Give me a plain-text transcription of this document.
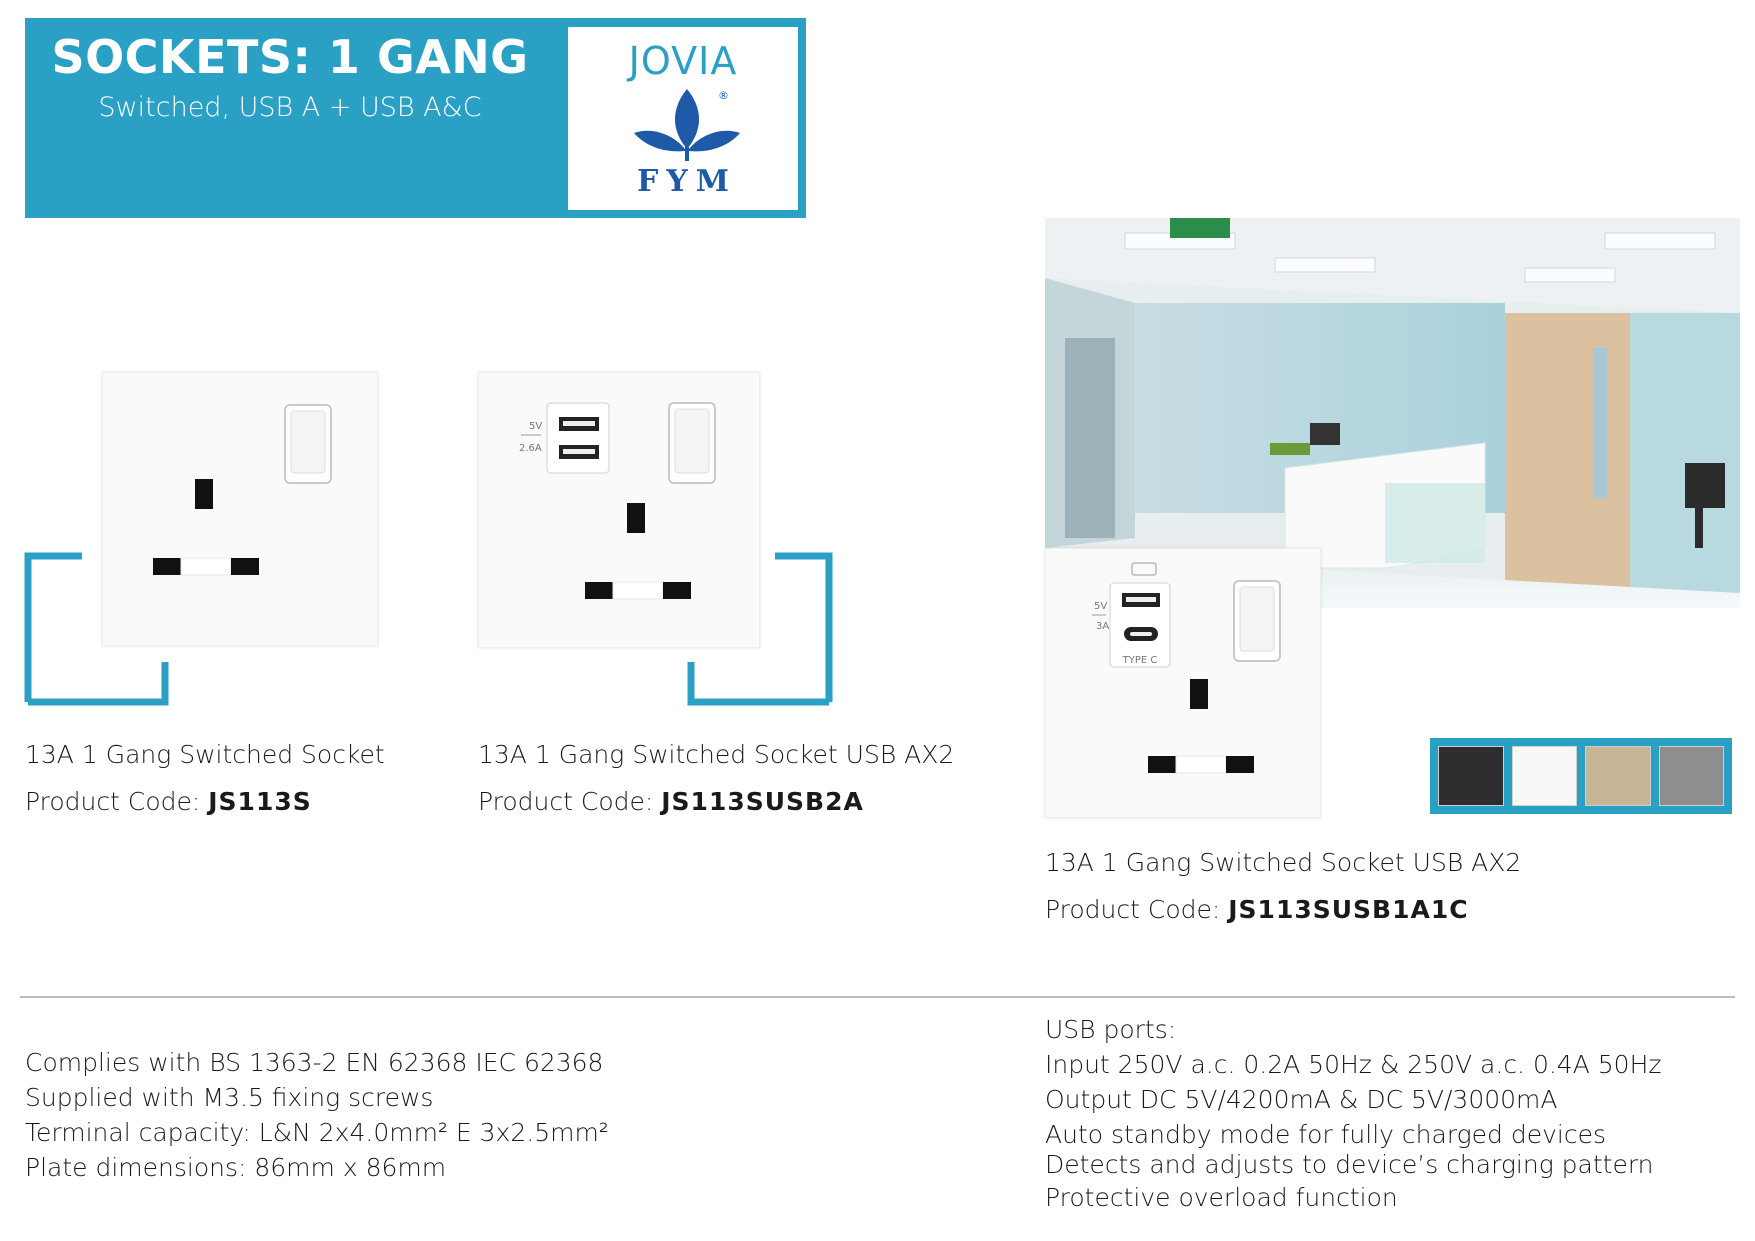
SOCKETS: 1 GANG
Switched, USB A + USB A&C
JOVIA
®
FYM
5V
2.6A
13A 1 Gang Switched Socket
Product Code: JS113S
13A 1 Gang Switched Socket USB AX2
Product Code: JS113SUSB2A
5V
3A
TYPE C
13A 1 Gang Switched Socket USB AX2
Product Code: JS113SUSB1A1C
Complies with BS 1363-2 EN 62368 IEC 62368
Supplied with M3.5 fixing screws
Terminal capacity: L&N 2x4.0mm² E 3x2.5mm²
Plate dimensions: 86mm x 86mm
USB ports:
Input 250V a.c. 0.2A 50Hz & 250V a.c. 0.4A 50Hz
Output DC 5V/4200mA & DC 5V/3000mA
Auto standby mode for fully charged devices
Detects and adjusts to device’s charging pattern
Protective overload function
